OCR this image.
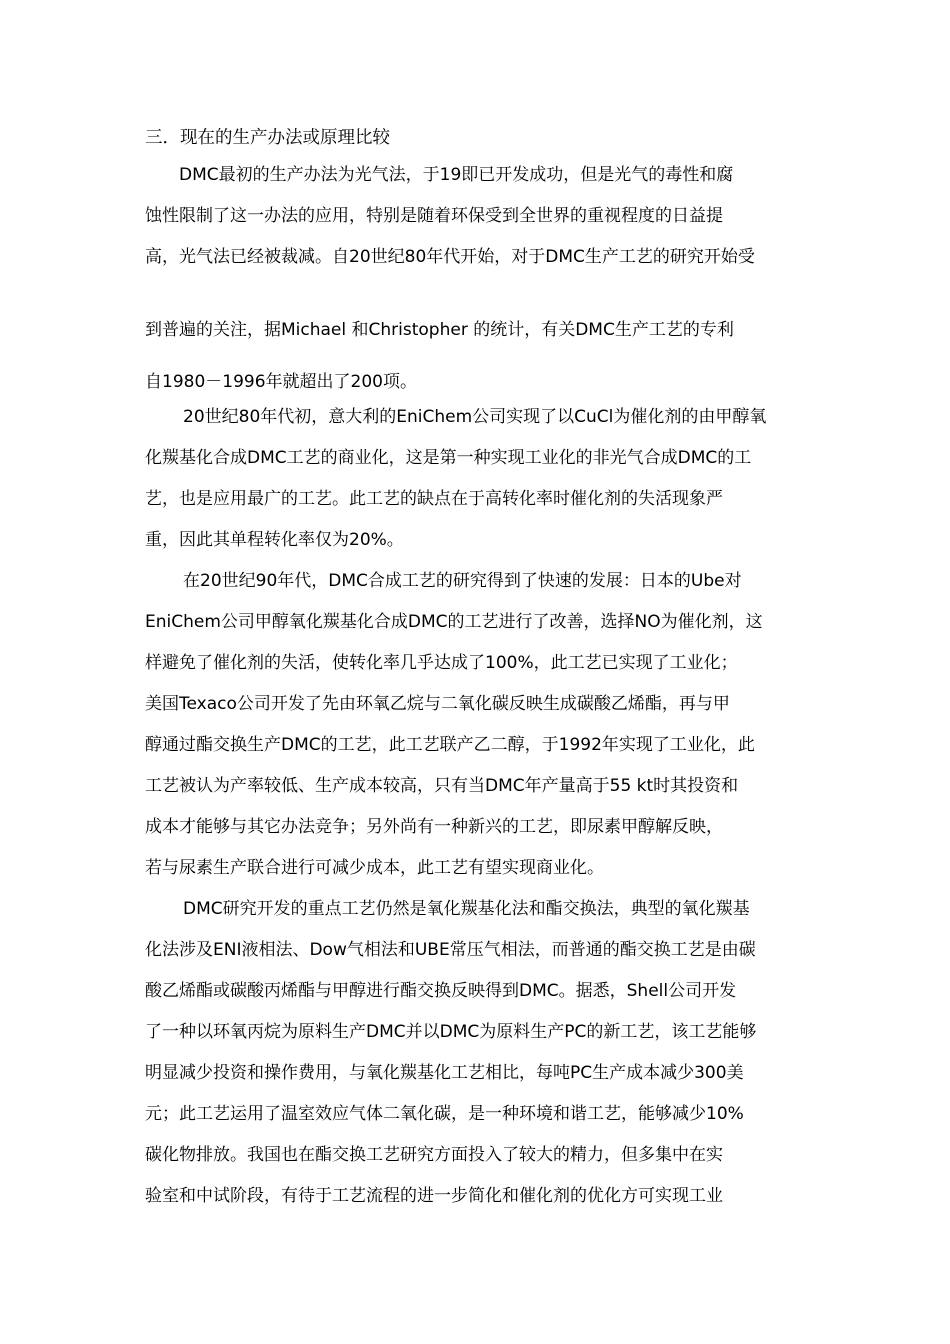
三．现在的生产办法或原理比较
DMC最初的生产办法为光气法，于19即已开发成功，但是光气的毒性和腐
蚀性限制了这一办法的应用，特别是随着环保受到全世界的重视程度的日益提
高，光气法已经被裁减。自20世纪80年代开始，对于DMC生产工艺的研究开始受
到普遍的关注，据Michael 和Christopher 的统计，有关DMC生产工艺的专利
自1980－1996年就超出了200项。
20世纪80年代初，意大利的EniChem公司实现了以CuCl为催化剂的由甲醇氧
化羰基化合成DMC工艺的商业化，这是第一种实现工业化的非光气合成DMC的工
艺，也是应用最广的工艺。此工艺的缺点在于高转化率时催化剂的失活现象严
重，因此其单程转化率仅为20%。
在20世纪90年代，DMC合成工艺的研究得到了快速的发展：日本的Ube对
EniChem公司甲醇氧化羰基化合成DMC的工艺进行了改善，选择NO为催化剂，这
样避免了催化剂的失活，使转化率几乎达成了100%，此工艺已实现了工业化；
美国Texaco公司开发了先由环氧乙烷与二氧化碳反映生成碳酸乙烯酯，再与甲
醇通过酯交换生产DMC的工艺，此工艺联产乙二醇，于1992年实现了工业化，此
工艺被认为产率较低、生产成本较高，只有当DMC年产量高于55 kt时其投资和
成本才能够与其它办法竞争；另外尚有一种新兴的工艺，即尿素甲醇解反映，
若与尿素生产联合进行可减少成本，此工艺有望实现商业化。
DMC研究开发的重点工艺仍然是氧化羰基化法和酯交换法，典型的氧化羰基
化法涉及ENI液相法、Dow气相法和UBE常压气相法，而普通的酯交换工艺是由碳
酸乙烯酯或碳酸丙烯酯与甲醇进行酯交换反映得到DMC。据悉，Shell公司开发
了一种以环氧丙烷为原料生产DMC并以DMC为原料生产PC的新工艺，该工艺能够
明显减少投资和操作费用，与氧化羰基化工艺相比，每吨PC生产成本减少300美
元；此工艺运用了温室效应气体二氧化碳，是一种环境和谐工艺，能够减少10%
碳化物排放。我国也在酯交换工艺研究方面投入了较大的精力，但多集中在实
验室和中试阶段，有待于工艺流程的进一步简化和催化剂的优化方可实现工业
